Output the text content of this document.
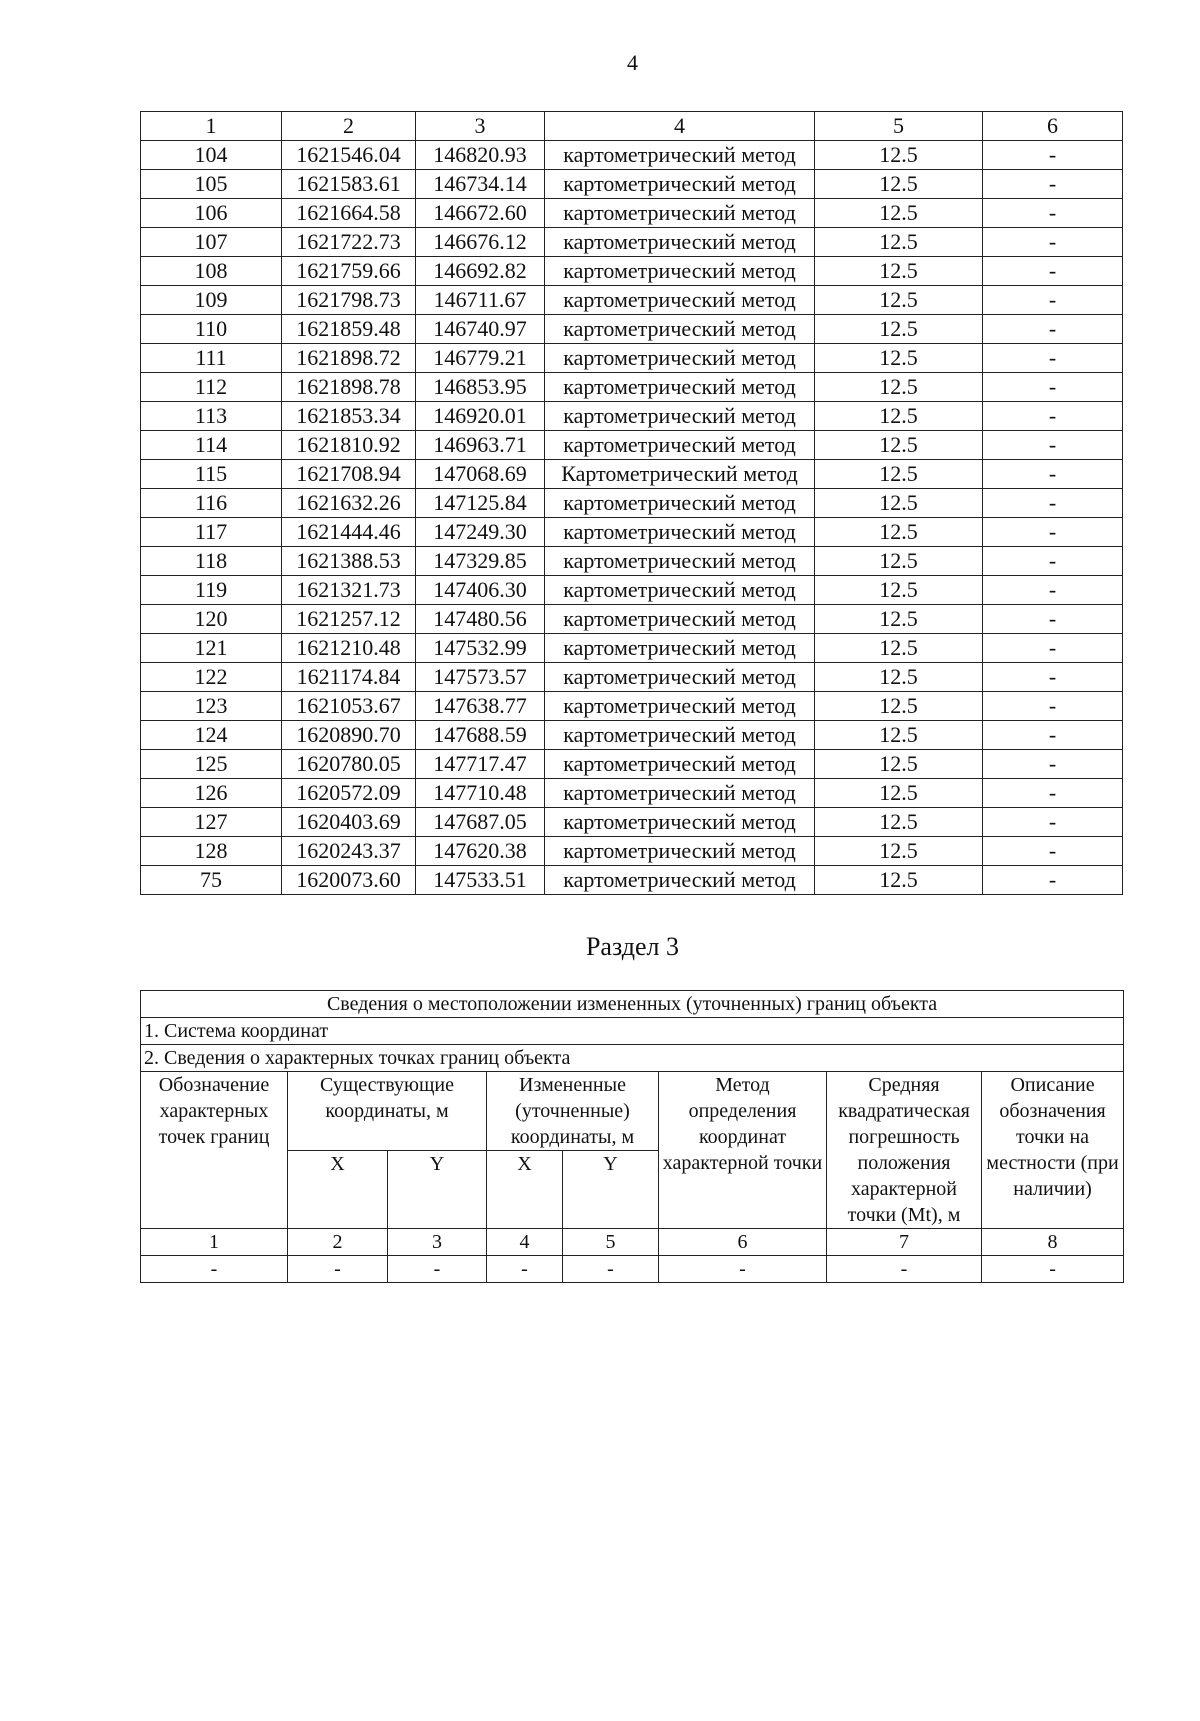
4
1	2	3	4	5	6
104	1621546.04	146820.93	картометрический метод	12.5	-
105	1621583.61	146734.14	картометрический метод	12.5	-
106	1621664.58	146672.60	картометрический метод	12.5	-
107	1621722.73	146676.12	картометрический метод	12.5	-
108	1621759.66	146692.82	картометрический метод	12.5	-
109	1621798.73	146711.67	картометрический метод	12.5	-
110	1621859.48	146740.97	картометрический метод	12.5	-
111	1621898.72	146779.21	картометрический метод	12.5	-
112	1621898.78	146853.95	картометрический метод	12.5	-
113	1621853.34	146920.01	картометрический метод	12.5	-
114	1621810.92	146963.71	картометрический метод	12.5	-
115	1621708.94	147068.69	Картометрический метод	12.5	-
116	1621632.26	147125.84	картометрический метод	12.5	-
117	1621444.46	147249.30	картометрический метод	12.5	-
118	1621388.53	147329.85	картометрический метод	12.5	-
119	1621321.73	147406.30	картометрический метод	12.5	-
120	1621257.12	147480.56	картометрический метод	12.5	-
121	1621210.48	147532.99	картометрический метод	12.5	-
122	1621174.84	147573.57	картометрический метод	12.5	-
123	1621053.67	147638.77	картометрический метод	12.5	-
124	1620890.70	147688.59	картометрический метод	12.5	-
125	1620780.05	147717.47	картометрический метод	12.5	-
126	1620572.09	147710.48	картометрический метод	12.5	-
127	1620403.69	147687.05	картометрический метод	12.5	-
128	1620243.37	147620.38	картометрический метод	12.5	-
75	1620073.60	147533.51	картометрический метод	12.5	-
Раздел 3
Сведения о местоположении измененных (уточненных) границ объекта							
1. Система координат							
2. Сведения о характерных точках границ объекта							
Обозначение характерных точек границ	Существующие координаты, м		Измененные (уточненные) координаты, м		Метод определения координат характерной точки	Средняя квадратическая погрешность положения характерной точки (Mt), м	Описание обозначения точки на местности (при наличии)
	X	Y	X	Y			
1	2	3	4	5	6	7	8
-	-	-	-	-	-	-	-
